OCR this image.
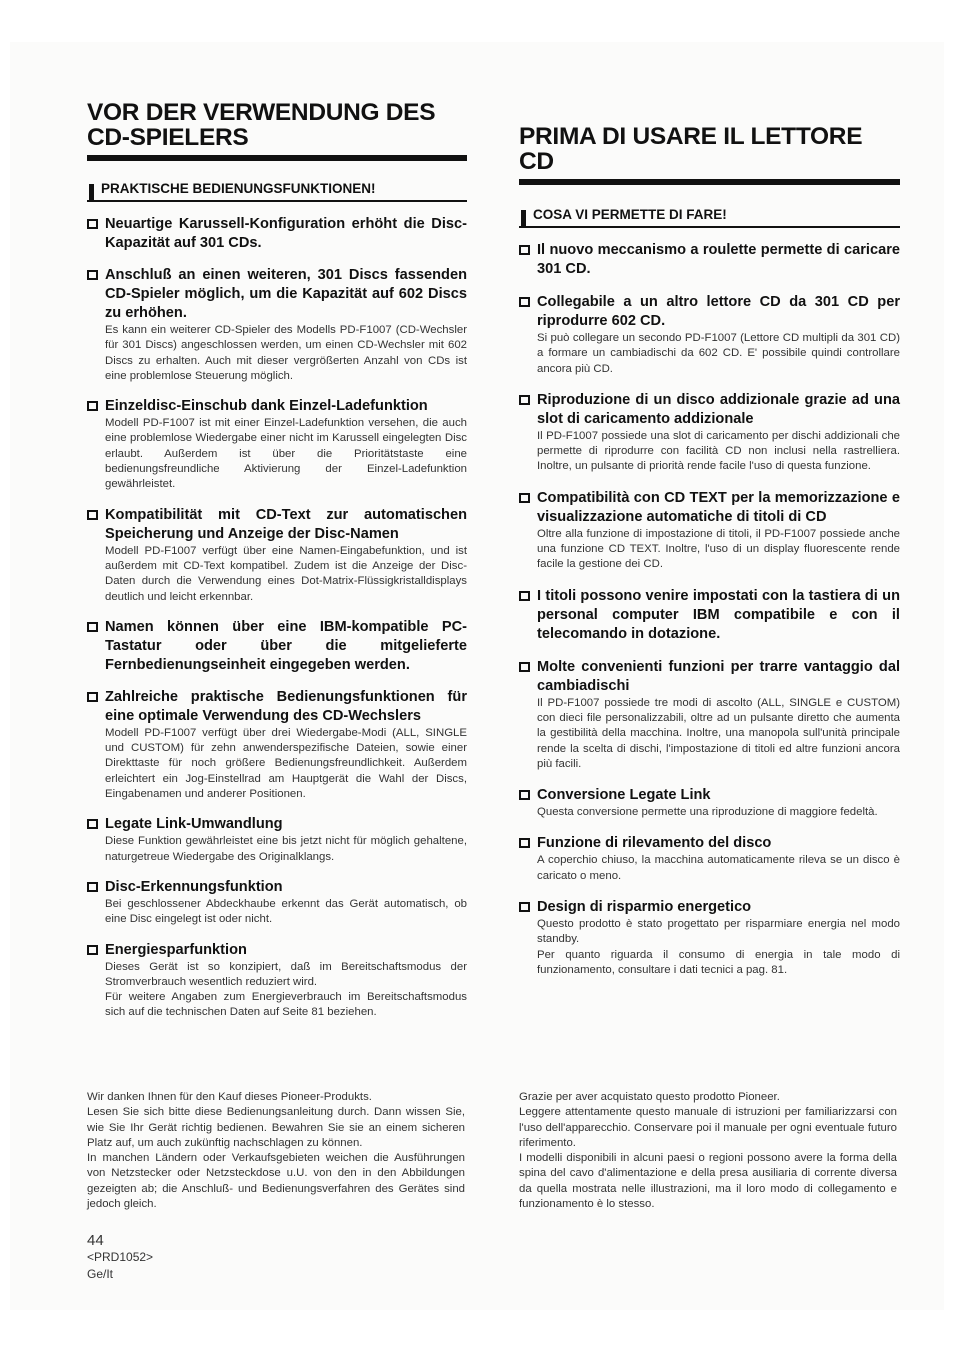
VOR DER VERWENDUNG DES CD-SPIELERS
PRAKTISCHE BEDIENUNGSFUNKTIONEN!

Neuartige Karussell-Konfiguration erhöht die Disc-Kapazität auf 301 CDs.

Anschluß an einen weiteren, 301 Discs fassenden CD-Spieler möglich, um die Kapazität auf 602 Discs zu erhöhen.

Es kann ein weiterer CD-Spieler des Modells PD-F1007 (CD-Wechsler für 301 Discs) angeschlossen werden, um einen CD-Wechsler mit 602 Discs zu erhalten. Auch mit dieser vergrößerten Anzahl von CDs ist eine problemlose Steuerung möglich.

Einzeldisc-Einschub dank Einzel-Ladefunktion

Modell PD-F1007 ist mit einer Einzel-Ladefunktion versehen, die auch eine problemlose Wiedergabe einer nicht im Karussell eingelegten Disc erlaubt. Außerdem ist über die Prioritätstaste eine bedienungsfreundliche Aktivierung der Einzel-Ladefunktion gewährleistet.

Kompatibilität mit CD-Text zur automatischen Speicherung und Anzeige der Disc-Namen

Modell PD-F1007 verfügt über eine Namen-Eingabefunktion, und ist außerdem mit CD-Text kompatibel. Zudem ist die Anzeige der Disc-Daten durch die Verwendung eines Dot-Matrix-Flüssigkristalldisplays deutlich und leicht erkennbar.

Namen können über eine IBM-kompatible PC-Tastatur oder über die mitgelieferte Fernbedienungseinheit eingegeben werden.

Zahlreiche praktische Bedienungsfunktionen für eine optimale Verwendung des CD-Wechslers

Modell PD-F1007 verfügt über drei Wiedergabe-Modi (ALL, SINGLE und CUSTOM) für zehn anwenderspezifische Dateien, sowie einer Direkttaste für noch größere Bedienungsfreundlichkeit. Außerdem erleichtert ein Jog-Einstellrad am Hauptgerät die Wahl der Discs, Eingabenamen und anderer Positionen.

Legate Link-Umwandlung

Diese Funktion gewährleistet eine bis jetzt nicht für möglich gehaltene, naturgetreue Wiedergabe des Originalklangs.

Disc-Erkennungsfunktion

Bei geschlossener Abdeckhaube erkennt das Gerät automatisch, ob eine Disc eingelegt ist oder nicht.

Energiesparfunktion

Dieses Gerät ist so konzipiert, daß im Bereitschaftsmodus der Stromverbrauch wesentlich reduziert wird.

Für weitere Angaben zum Energieverbrauch im Bereitschaftsmodus sich auf die technischen Daten auf Seite 81 beziehen.

PRIMA DI USARE IL LETTORE CD
COSA VI PERMETTE DI FARE!

Il nuovo meccanismo a roulette permette di caricare 301 CD.

Collegabile a un altro lettore CD da 301 CD per riprodurre 602 CD.

Si può collegare un secondo PD-F1007 (Lettore CD multipli da 301 CD) a formare un cambiadischi da 602 CD. E' possibile quindi controllare ancora più CD.

Riproduzione di un disco addizionale grazie ad una slot di caricamento addizionale

Il PD-F1007 possiede una slot di caricamento per dischi addizionali che permette di riprodurre con facilità CD non inclusi nella rastrelliera. Inoltre, un pulsante di priorità rende facile l'uso di questa funzione.

Compatibilità con CD TEXT per la memorizzazione e visualizzazione automatiche di titoli di CD

Oltre alla funzione di impostazione di titoli, il PD-F1007 possiede anche una funzione CD TEXT. Inoltre, l'uso di un display fluorescente rende facile la gestione dei CD.

I titoli possono venire impostati con la tastiera di un personal computer IBM compatibile e con il telecomando in dotazione.

Molte convenienti funzioni per trarre vantaggio dal cambiadischi

Il PD-F1007 possiede tre modi di ascolto (ALL, SINGLE e CUSTOM) con dieci file personalizzabili, oltre ad un pulsante diretto che aumenta la gestibilità della macchina. Inoltre, una manopola sull'unità principale rende la scelta di dischi, l'impostazione di titoli ed altre funzioni ancora più facili.

Conversione Legate Link

Questa conversione permette una riproduzione di maggiore fedeltà.

Funzione di rilevamento del disco

A coperchio chiuso, la macchina automaticamente rileva se un disco è caricato o meno.

Design di risparmio energetico

Questo prodotto è stato progettato per risparmiare energia nel modo standby.

Per quanto riguarda il consumo di energia in tale modo di funzionamento, consultare i dati tecnici a pag. 81.

Wir danken Ihnen für den Kauf dieses Pioneer-Produkts.

Lesen Sie sich bitte diese Bedienungsanleitung durch. Dann wissen Sie, wie Sie Ihr Gerät richtig bedienen. Bewahren Sie sie an einem sicheren Platz auf, um auch zukünftig nachschlagen zu können.

In manchen Ländern oder Verkaufsgebieten weichen die Ausführungen von Netzstecker oder Netzsteckdose u.U. von den in den Abbildungen gezeigten ab; die Anschluß- und Bedienungsverfahren des Gerätes sind jedoch gleich.

Grazie per aver acquistato questo prodotto Pioneer.

Leggere attentamente questo manuale di istruzioni per familiarizzarsi con l'uso dell'apparecchio. Conservare poi il manuale per ogni eventuale futuro riferimento.

I modelli disponibili in alcuni paesi o regioni possono avere la forma della spina del cavo d'alimentazione e della presa ausiliaria di corrente diversa da quella mostrata nelle illustrazioni, ma il loro modo di collegamento e funzionamento è lo stesso.

44
<PRD1052>
Ge/It
